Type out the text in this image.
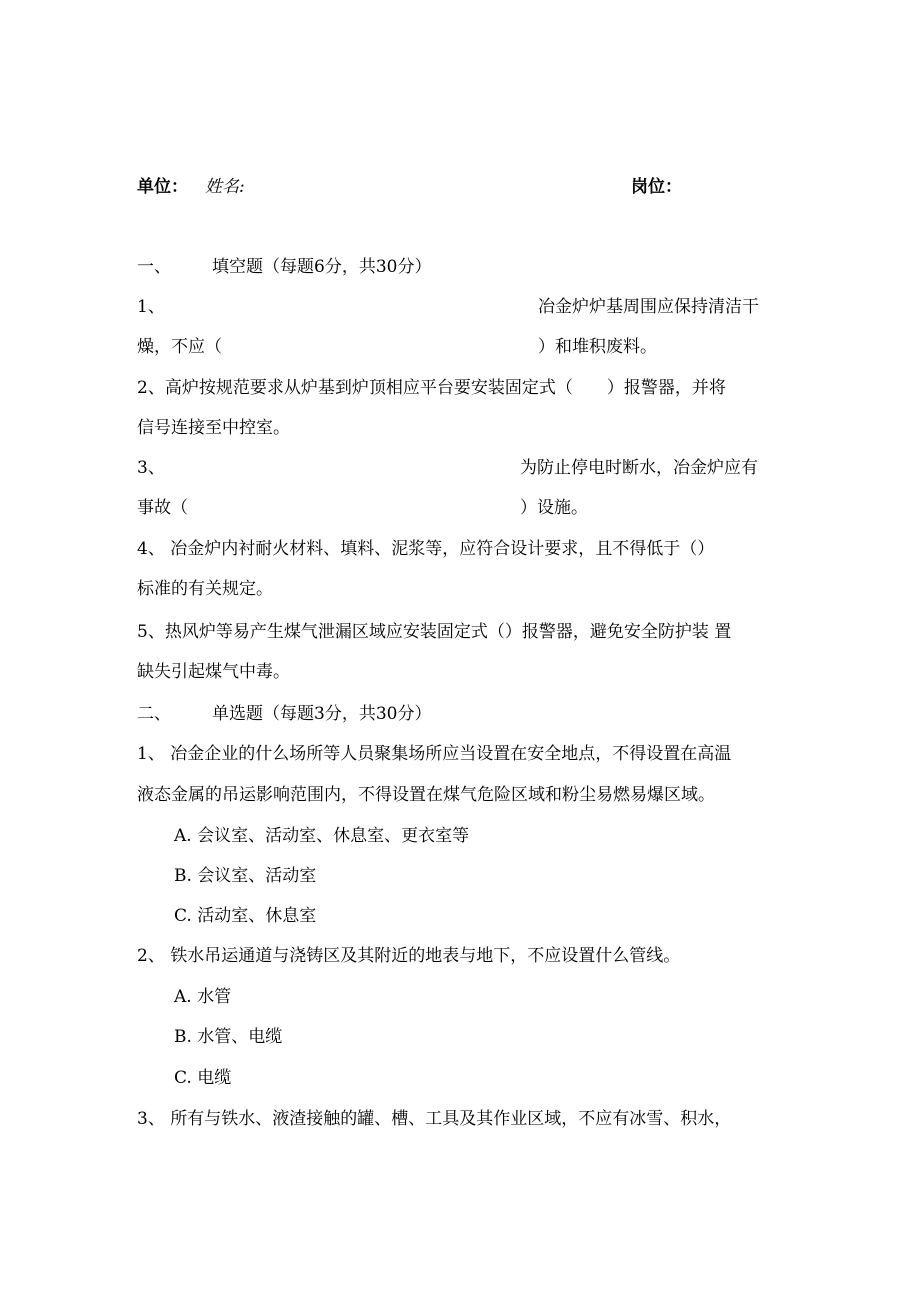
单位： 姓名:	岗位：
一、 填空题（每题6分，共30分）
1、	冶金炉炉基周围应保持清洁干
燥，不应（	）和堆积废料。
2、高炉按规范要求从炉基到炉顶相应平台要安装固定式（　　）报警器，并将
信号连接至中控室。
3、	为防止停电时断水，冶金炉应有
事故（	）设施。
4、 冶金炉内衬耐火材料、填料、泥浆等，应符合设计要求，且不得低于（）
标准的有关规定。
5、热风炉等易产生煤气泄漏区域应安装固定式（）报警器，避免安全防护装 置
缺失引起煤气中毒。
二、 单选题（每题3分，共30分）
1、 冶金企业的什么场所等人员聚集场所应当设置在安全地点，不得设置在高温
液态金属的吊运影响范围内，不得设置在煤气危险区域和粉尘易燃易爆区域。
A. 会议室、活动室、休息室、更衣室等
B. 会议室、活动室
C. 活动室、休息室
2、 铁水吊运通道与浇铸区及其附近的地表与地下，不应设置什么管线。
A. 水管
B. 水管、电缆
C. 电缆
3、 所有与铁水、液渣接触的罐、槽、工具及其作业区域，不应有冰雪、积水，
